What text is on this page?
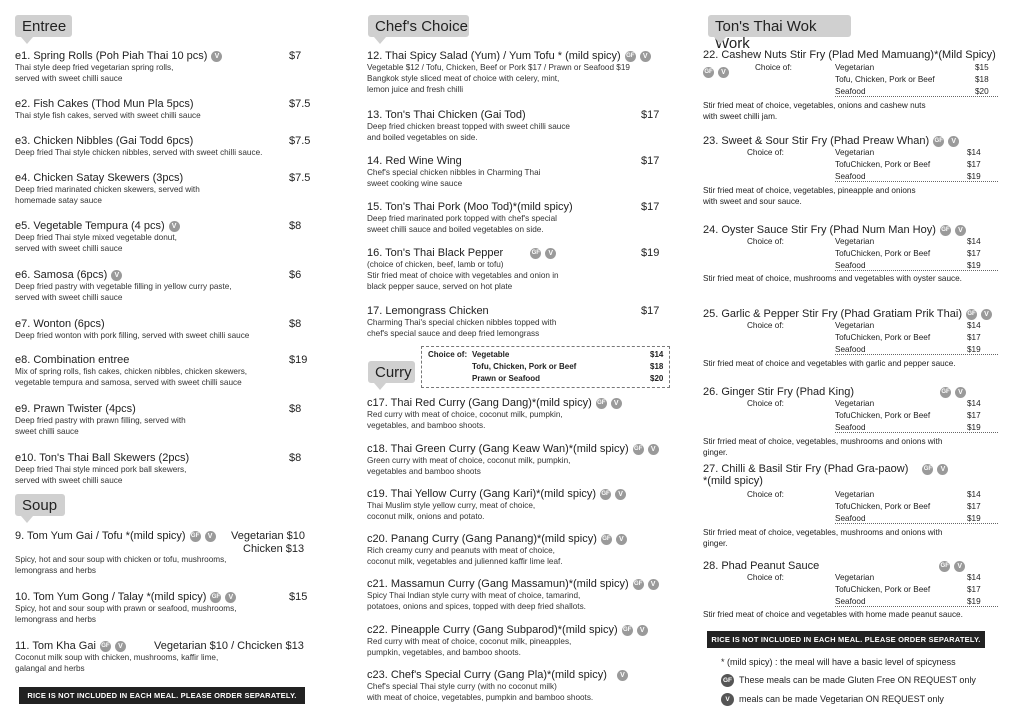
Entree
e1. Spring Rolls (Poh Piah Thai 10 pcs) V	$7
Thai style deep fried vegetarian spring rolls,
served with sweet chilli sauce
e2. Fish Cakes (Thod Mun Pla 5pcs)	$7.5
Thai style fish cakes, served with sweet chilli sauce
e3. Chicken Nibbles (Gai Todd 6pcs)	$7.5
Deep fried Thai style chicken nibbles, served with sweet chilli sauce.
e4. Chicken Satay Skewers (3pcs)	$7.5
Deep fried marinated chicken skewers, served with
homemade satay sauce
e5. Vegetable Tempura (4 pcs) V	$8
Deep fried Thai style mixed vegetable donut,
served with sweet chilli sauce
e6. Samosa (6pcs) V	$6
Deep fried pastry with vegetable filling in yellow curry paste,
served with sweet chilli sauce
e7. Wonton (6pcs)	$8
Deep fried wonton with pork filling, served with sweet chilli sauce
e8. Combination entree	$19
Mix of spring rolls, fish cakes, chicken nibbles, chicken skewers,
vegetable tempura and samosa, served with sweet chilli sauce
e9. Prawn Twister (4pcs)	$8
Deep fried pastry with prawn filling, served with
sweet chilli sauce
e10. Ton's Thai Ball Skewers (2pcs)	$8
Deep fried Thai style minced pork ball skewers,
served with sweet chilli sauce
Soup
9. Tom Yum Gai / Tofu *(mild spicy) GF V	Vegetarian $10
Chicken $13
Spicy, hot and sour soup with chicken or tofu, mushrooms,
lemongrass and herbs
10. Tom Yum Gong / Talay *(mild spicy) GF V	$15
Spicy, hot and sour soup with prawn or seafood, mushrooms,
lemongrass and herbs
11. Tom Kha Gai GF V	Vegetarian $10 / Chcicken $13
Coconut milk soup with chicken, mushrooms, kaffir lime,
galangal and herbs
RICE IS NOT INCLUDED IN EACH MEAL. PLEASE ORDER SEPARATELY.
Chef's Choice
12. Thai Spicy Salad (Yum) / Yum Tofu * (mild spicy) GF V
Vegetable $12 / Tofu, Chicken, Beef or Pork $17 / Prawn or Seafood $19
Bangkok style sliced meat of choice with celery, mint,
lemon juice and fresh chilli
13. Ton's Thai Chicken (Gai Tod)	$17
Deep fried chicken breast topped with sweet chilli sauce
and boiled vegetables on side.
14. Red Wine Wing	$17
Chef's special chicken nibbles in Charming Thai
sweet cooking wine sauce
15. Ton's Thai Pork (Moo Tod)*(mild spicy)	$17
Deep fried marinated pork topped with chef's special
sweet chilli sauce and boiled vegetables on side.
16. Ton's Thai Black Pepper	GF V	$19
(choice of chicken, beef, lamb or tofu)
Stir fried meat of choice with vegetables and onion in
black pepper sauce, served on hot plate
17. Lemongrass Chicken	$17
Charming Thai's special chicken nibbles topped with
chef's special sauce and deep fried lemongrass
Curry
Choice of: Vegetable	$14
Tofu, Chicken, Pork or Beef	$18
Prawn or Seafood	$20
c17. Thai Red Curry (Gang Dang)*(mild spicy) GF V
Red curry with meat of choice, coconut milk, pumpkin,
vegetables, and bamboo shoots.
c18. Thai Green Curry (Gang Keaw Wan)*(mild spicy) GF V
Green curry with meat of choice, coconut milk, pumpkin,
vegetables and bamboo shoots
c19. Thai Yellow Curry (Gang Kari)*(mild spicy) GF V
Thai Muslim style yellow curry, meat of choice,
coconut milk, onions and potato.
c20. Panang Curry (Gang Panang)*(mild spicy) GF V
Rich creamy curry and peanuts with meat of choice,
coconut milk, vegetables and julienned kaffir lime leaf.
c21. Massamun Curry (Gang Massamun)*(mild spicy) GF V
Spicy Thai Indian style curry with meat of choice, tamarind,
potatoes, onions and spices, topped with deep fried shallots.
c22. Pineapple Curry (Gang Subparod)*(mild spicy) GF V
Red curry with meat of choice, coconut milk, pineapples,
pumpkin, vegetables, and bamboo shoots.
c23. Chef's Special Curry (Gang Pla)*(mild spicy) V
Chef's special Thai style curry (with no coconut milk)
with meat of choice, vegetables, pumpkin and bamboo shoots.
Ton's Thai Wok Work
22. Cashew Nuts Stir Fry (Plad Med Mamuang)*(Mild Spicy)
GF	V
Choice of:	Vegetarian	$15
Tofu, Chicken, Pork or Beef	$18
Seafood	$20
Stir fried meat of choice, vegetables, onions and cashew nuts
with sweet chilli jam.
23. Sweet & Sour Stir Fry (Phad Preaw Whan) GF V
Choice of:	Vegetarian	$14
TofuChicken, Pork or Beef	$17
Seafood	$19
Stir fried meat of choice, vegetables, pineapple and onions
with sweet and sour sauce.
24. Oyster Sauce Stir Fry (Phad Num Man Hoy) GF V
Choice of:	Vegetarian	$14
TofuChicken, Pork or Beef	$17
Seafood	$19
Stir fried meat of choice, mushrooms and vegetables with oyster sauce.
25. Garlic & Pepper Stir Fry (Phad Gratiam Prik Thai) GF V
Choice of:	Vegetarian	$14
TofuChicken, Pork or Beef	$17
Seafood	$19
Stir fried meat of choice and vegetables with garlic and pepper sauce.
26. Ginger Stir Fry (Phad King)	GF V
Choice of:	Vegetarian	$14
TofuChicken, Pork or Beef	$17
Seafood	$19
Stir frried meat of choice, vegetables, mushrooms and onions with
ginger.
27. Chilli & Basil Stir Fry (Phad Gra-paow)	GF V
*(mild spicy)
Choice of:	Vegetarian	$14
TofuChicken, Pork or Beef	$17
Seafood	$19
Stir frried meat of choice, vegetables, mushrooms and onions with
ginger.
28. Phad Peanut Sauce	GF V
Choice of:	Vegetarian	$14
TofuChicken, Pork or Beef	$17
Seafood	$19
Stir fried meat of choice and vegetables with home made peanut sauce.
RICE IS NOT INCLUDED IN EACH MEAL. PLEASE ORDER SEPARATELY.
* (mild spicy) : the meal will have a basic level of spicyness
GF These meals can be made Gluten Free ON REQUEST only
V meals can be made Vegetarian ON REQUEST only
